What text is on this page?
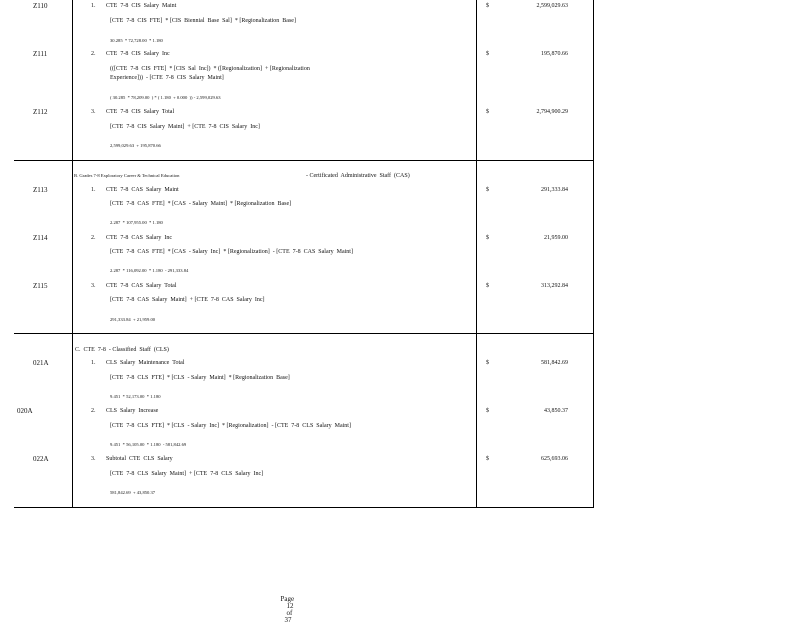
Z110	1. CTE  7-8  CIS  Salary  Maint
[CTE  7-8  CIS  FTE]  * [CIS  Biennial  Base  Sal]  * [Regionalization  Base]
30.285  * 72,728.00  * 1.180
$	2,599,029.63
Z111	2. CTE  7-8  CIS  Salary  Inc
(([CTE  7-8  CIS  FTE]  * [CIS  Sal  Inc])  * ([Regionalization]  + [Regionalization
Experience]))  - [CTE  7-8  CIS  Salary  Maint]
( 30.285  * 78,209.00  ) * ( 1.180  + 0.000  )) - 2,599,029.63
$	195,870.66
Z112	3. CTE  7-8  CIS  Salary  Total
[CTE  7-8  CIS  Salary  Maint]  + [CTE  7-8  CIS  Salary  Inc]
2,599,029.63  + 195,870.66
$	2,794,900.29
B. Grades 7-8 Exploratory Career & Technical Education	- Certificated  Administrative  Staff  (CAS)
Z113	1. CTE  7-8  CAS  Salary  Maint
[CTE  7-8  CAS  FTE]  * [CAS  - Salary  Maint]  * [Regionalization  Base]
2.287  * 107,955.00  * 1.180
$	291,333.84
Z114	2. CTE  7-8  CAS  Salary  Inc
[CTE  7-8  CAS  FTE]  * [CAS  - Salary  Inc]  * [Regionalization]  - [CTE  7-8  CAS  Salary  Maint]
2.287  * 116,092.00  * 1.180  - 291,333.84
$	21,959.00
Z115	3. CTE  7-8  CAS  Salary  Total
[CTE  7-8  CAS  Salary  Maint]  + [CTE  7-8  CAS  Salary  Inc]
291,333.84  + 21,959.00
$	313,292.84
C.  CTE  7-8  - Classified  Staff  (CLS)
021A	1. CLS  Salary  Maintenance  Total
[CTE  7-8  CLS  FTE]  * [CLS  - Salary  Maint]  * [Regionalization  Base]
9.451  * 52,173.00  * 1.180
$	581,842.69
020A	2. CLS  Salary  Increase
[CTE  7-8  CLS  FTE]  * [CLS  - Salary  Inc]  * [Regionalization]  - [CTE  7-8  CLS  Salary  Maint]
9.451  * 56,105.00  * 1.180  - 581,842.69
$	43,850.37
022A	3. Subtotal  CTE  CLS  Salary
[CTE  7-8  CLS  Salary  Maint]  + [CTE  7-8  CLS  Salary  Inc]
581,842.69  + 43,850.37
$	625,693.06

Page
12
of
37
